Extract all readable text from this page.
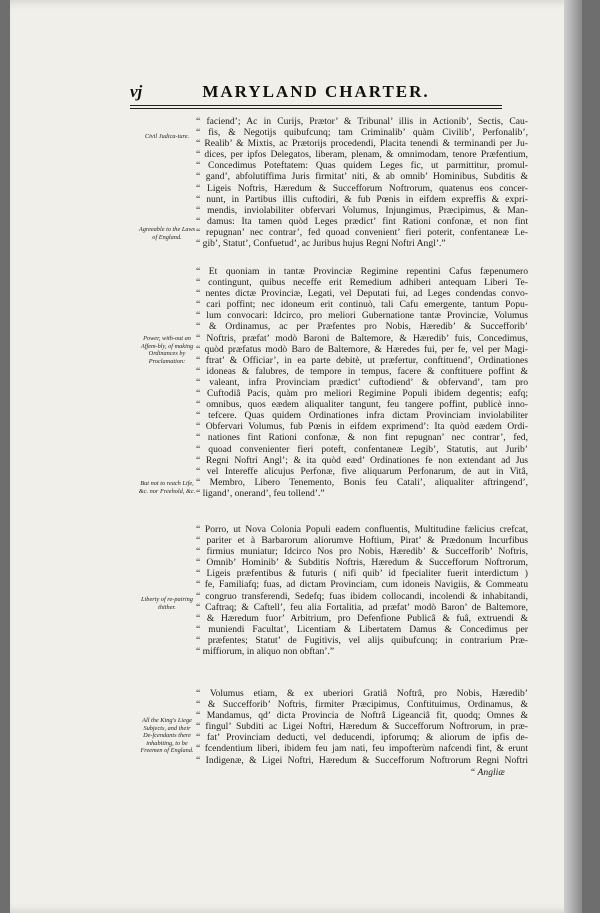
vj	MARYLAND CHARTER.
Civil Judica-ture.
Agreeable to the Laws of England.
Power, with-out an Affem-bly, of making Ordinances by Proclamation:
But not to reach Life, &c. nor Freehold, &c.
Liberty of re-pairing thither.
All the King's Liege Subjects, and their De-fcendants there inhabiting, to be Freemen of England.
“ faciend’; Ac in Curijs, Prætor’ & Tribunal’ illis in Actionib’, Sectis, Cau-
“ fis, & Negotijs quibufcunq; tam Criminalib’ quàm Civilib’, Perfonalib’,
“ Realib’ & Mixtis, ac Prætorijs procedendi, Placita tenendi & terminandi per Ju-
“ dices, per ipfos Delegatos, liberam, plenam, & omnimodam, tenore Præfentium,
“ Concedimus Poteftatem: Quas quidem Leges fic, ut parmittitur, promul-
“ gand’, abfolutiffima Juris firmitat’ niti, & ab omnib’ Hominibus, Subditis &
“ Ligeis Noftris, Hæredum & Succefforum Noftrorum, quatenus eos concer-
“ nunt, in Partibus illis cuftodiri, & fub Pœnis in eifdem expreffis & expri-
“ mendis, inviolabiliter obfervari Volumus, Injungimus, Præcipimus, & Man-
“ damus: Ita tamen quòd Leges prædict’ fint Rationi confonæ, et non fint
“ repugnan’ nec contrar’, fed quoad convenient’ fieri poterit, confentaneæ Le-
“ gib’, Statut’, Confuetud’, ac Juribus hujus Regni Noftri Angl’.”
“ Et quoniam in tantæ Provinciæ Regimine repentini Cafus fæpenumero
“ contingunt, quibus neceffe erit Remedium adhiberi antequam Liberi Te-
“ nentes dictæ Provinciæ, Legati, vel Deputati fui, ad Leges condendas convo-
“ cari poffint; nec idoneum erit continuò, tali Cafu emergente, tantum Popu-
“ lum convocari: Idcirco, pro meliori Gubernatione tantæ Provinciæ, Volumus
“ & Ordinamus, ac per Præfentes pro Nobis, Hæredib’ & Succefforib’
“ Noftris, præfat’ modò Baroni de Baltemore, & Hæredib’ fuis, Concedimus,
“ quòd præfatus modò Baro de Baltemore, & Hæredes fui, per fe, vel per Magi-
“ ftrat’ & Officiar’, in ea parte debitè, ut præfertur, conftituend’, Ordinationes
“ idoneas & falubres, de tempore in tempus, facere & conftituere poffint &
“ valeant, infra Provinciam prædict’ cuftodiend’ & obfervand’, tam pro
“ Cuftodiâ Pacis, quàm pro meliori Regimine Populi ibidem degentis; eafq;
“ omnibus, quos eædem aliqualiter tangunt, feu tangere poffint, publicè inno-
“ tefcere. Quas quidem Ordinationes infra dictam Provinciam inviolabiliter
“ Obfervari Volumus, fub Pœnis in eifdem exprimend’: Ita quòd eædem Ordi-
“ nationes fint Rationi confonæ, & non fint repugnan’ nec contrar’, fed,
“ quoad convenienter fieri poteft, confentaneæ Legib’, Statutis, aut Jurib’
“ Regni Noftri Angl’; & ita quòd eæd’ Ordinationes fe non extendant ad Jus
“ vel Intereffe alicujus Perfonæ, five aliquarum Perfonarum, de aut in Vitâ,
“ Membro, Libero Tenemento, Bonis feu Catali’, aliqualiter aftringend’,
“ ligand’, onerand’, feu tollend’.”
“ Porro, ut Nova Colonia Populi eadem confluentis, Multitudine fælicius crefcat,
“ pariter et à Barbarorum aliorumve Hoftium, Pirat’ & Prædonum Incurfibus
“ firmius muniatur; Idcirco Nos pro Nobis, Hæredib’ & Succefforib’ Noftris,
“ Omnib’ Hominib’ & Subditis Noftris, Hæredum & Succefforum Noftrorum,
“ Ligeis præfentibus & futuris ( nifi quib’ id fpecialiter fuerit interdictum )
“ fe, Familiafq; fuas, ad dictam Provinciam, cum idoneis Navigiis, & Commeatu
“ congruo transferendi, Sedefq; fuas ibidem collocandi, incolendi & inhabitandi,
“ Caftraq; & Caftell’, feu alia Fortalitia, ad præfat’ modò Baron’ de Baltemore,
“ & Hæredum fuor’ Arbitrium, pro Defenfione Publicâ & fuâ, extruendi &
“ muniendi Facultat’, Licentiam & Libertatem Damus & Concedimus per
“ præfentes; Statut’ de Fugitivis, vel alijs quibufcunq; in contrarium Præ-
“ miffiorum, in aliquo non obftan’.”
“ Volumus etiam, & ex uberiori Gratiâ Noftrâ, pro Nobis, Hæredib’
“ & Succefforib’ Noftris, firmiter Præcipimus, Conftituimus, Ordinamus, &
“ Mandamus, qd’ dicta Provincia de Noftrâ Ligeanciâ fit, quodq; Omnes &
“ fingul’ Subditi ac Ligei Noftri, Hæredum & Succefforum Noftrorum, in præ-
“ fat’ Provinciam deducti, vel deducendi, ipforumq; & aliorum de ipfis de-
“ fcendentium liberi, ibidem feu jam nati, feu impofterùm nafcendi fint, & erunt
“ Indigenæ, & Ligei Noftri, Hæredum & Succefforum Noftrorum Regni Noftri
“ Angliæ
